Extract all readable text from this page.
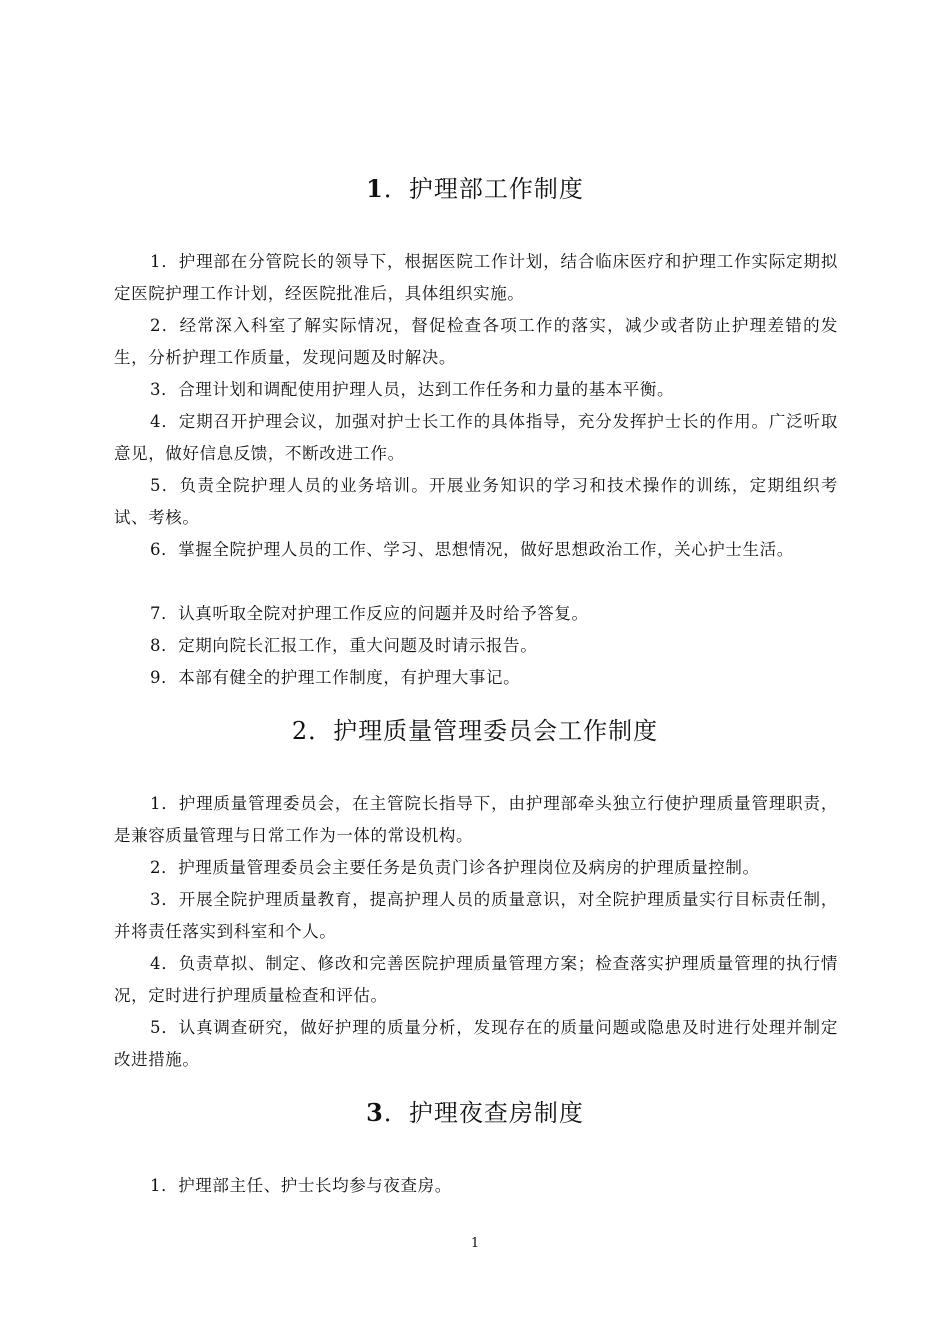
1．护理部工作制度
1．护理部在分管院长的领导下，根据医院工作计划，结合临床医疗和护理工作实际定期拟定医院护理工作计划，经医院批准后，具体组织实施。
2．经常深入科室了解实际情况，督促检查各项工作的落实，减少或者防止护理差错的发生，分析护理工作质量，发现问题及时解决。
3．合理计划和调配使用护理人员，达到工作任务和力量的基本平衡。
4．定期召开护理会议，加强对护士长工作的具体指导，充分发挥护士长的作用。广泛听取意见，做好信息反馈，不断改进工作。
5．负责全院护理人员的业务培训。开展业务知识的学习和技术操作的训练，定期组织考试、考核。
6．掌握全院护理人员的工作、学习、思想情况，做好思想政治工作，关心护士生活。
7．认真听取全院对护理工作反应的问题并及时给予答复。
8．定期向院长汇报工作，重大问题及时请示报告。
9．本部有健全的护理工作制度，有护理大事记。
2．护理质量管理委员会工作制度
1．护理质量管理委员会，在主管院长指导下，由护理部牵头独立行使护理质量管理职责，是兼容质量管理与日常工作为一体的常设机构。
2．护理质量管理委员会主要任务是负责门诊各护理岗位及病房的护理质量控制。
3．开展全院护理质量教育，提高护理人员的质量意识，对全院护理质量实行目标责任制，并将责任落实到科室和个人。
4．负责草拟、制定、修改和完善医院护理质量管理方案；检查落实护理质量管理的执行情况，定时进行护理质量检查和评估。
5．认真调查研究，做好护理的质量分析，发现存在的质量问题或隐患及时进行处理并制定改进措施。
3．护理夜查房制度
1．护理部主任、护士长均参与夜查房。
1
